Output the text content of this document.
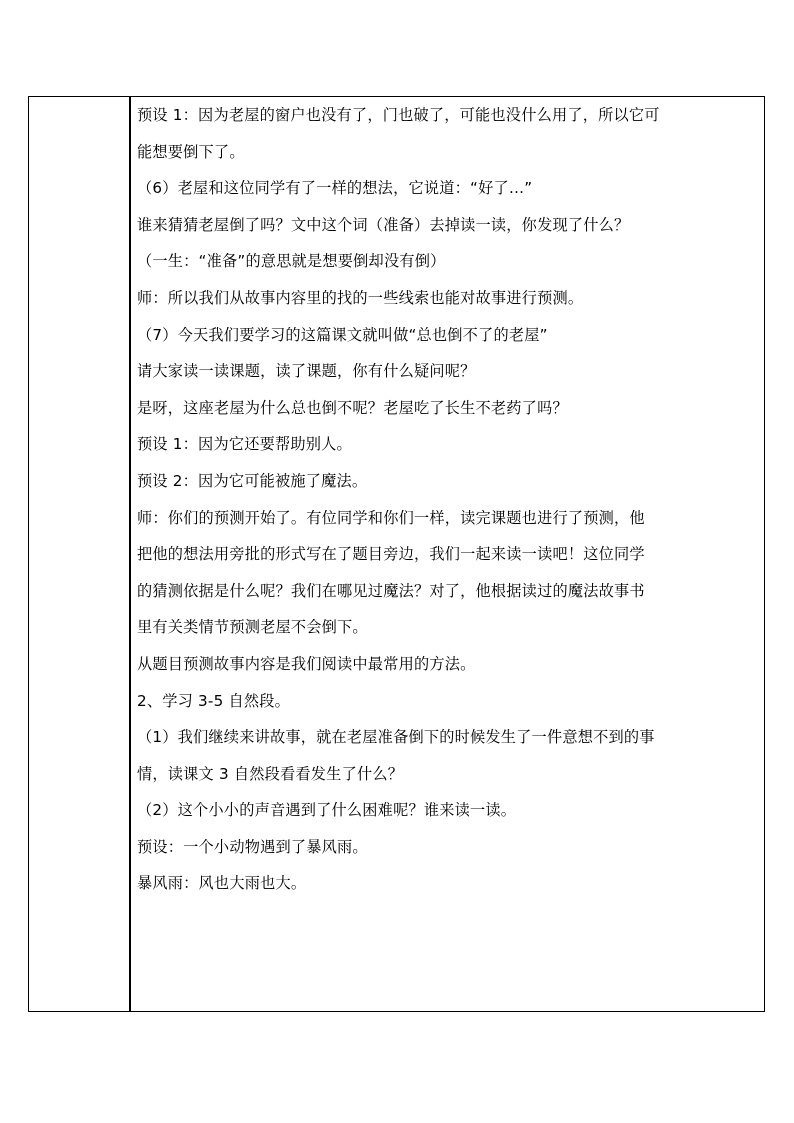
预设 1：因为老屋的窗户也没有了，门也破了，可能也没什么用了，所以它可
能想要倒下了。
（6）老屋和这位同学有了一样的想法，它说道：“好了…”
谁来猜猜老屋倒了吗？文中这个词（准备）去掉读一读，你发现了什么？
（一生：“准备”的意思就是想要倒却没有倒）
师：所以我们从故事内容里的找的一些线索也能对故事进行预测。
（7）今天我们要学习的这篇课文就叫做“总也倒不了的老屋”
请大家读一读课题，读了课题，你有什么疑问呢？
是呀，这座老屋为什么总也倒不呢？老屋吃了长生不老药了吗？
预设 1：因为它还要帮助别人。
预设 2：因为它可能被施了魔法。
师：你们的预测开始了。有位同学和你们一样，读完课题也进行了预测，他
把他的想法用旁批的形式写在了题目旁边，我们一起来读一读吧！这位同学
的猜测依据是什么呢？我们在哪见过魔法？对了，他根据读过的魔法故事书
里有关类情节预测老屋不会倒下。
从题目预测故事内容是我们阅读中最常用的方法。
2、学习 3-5 自然段。
（1）我们继续来讲故事，就在老屋准备倒下的时候发生了一件意想不到的事
情，读课文 3 自然段看看发生了什么？
（2）这个小小的声音遇到了什么困难呢？谁来读一读。
预设：一个小动物遇到了暴风雨。
暴风雨：风也大雨也大。
